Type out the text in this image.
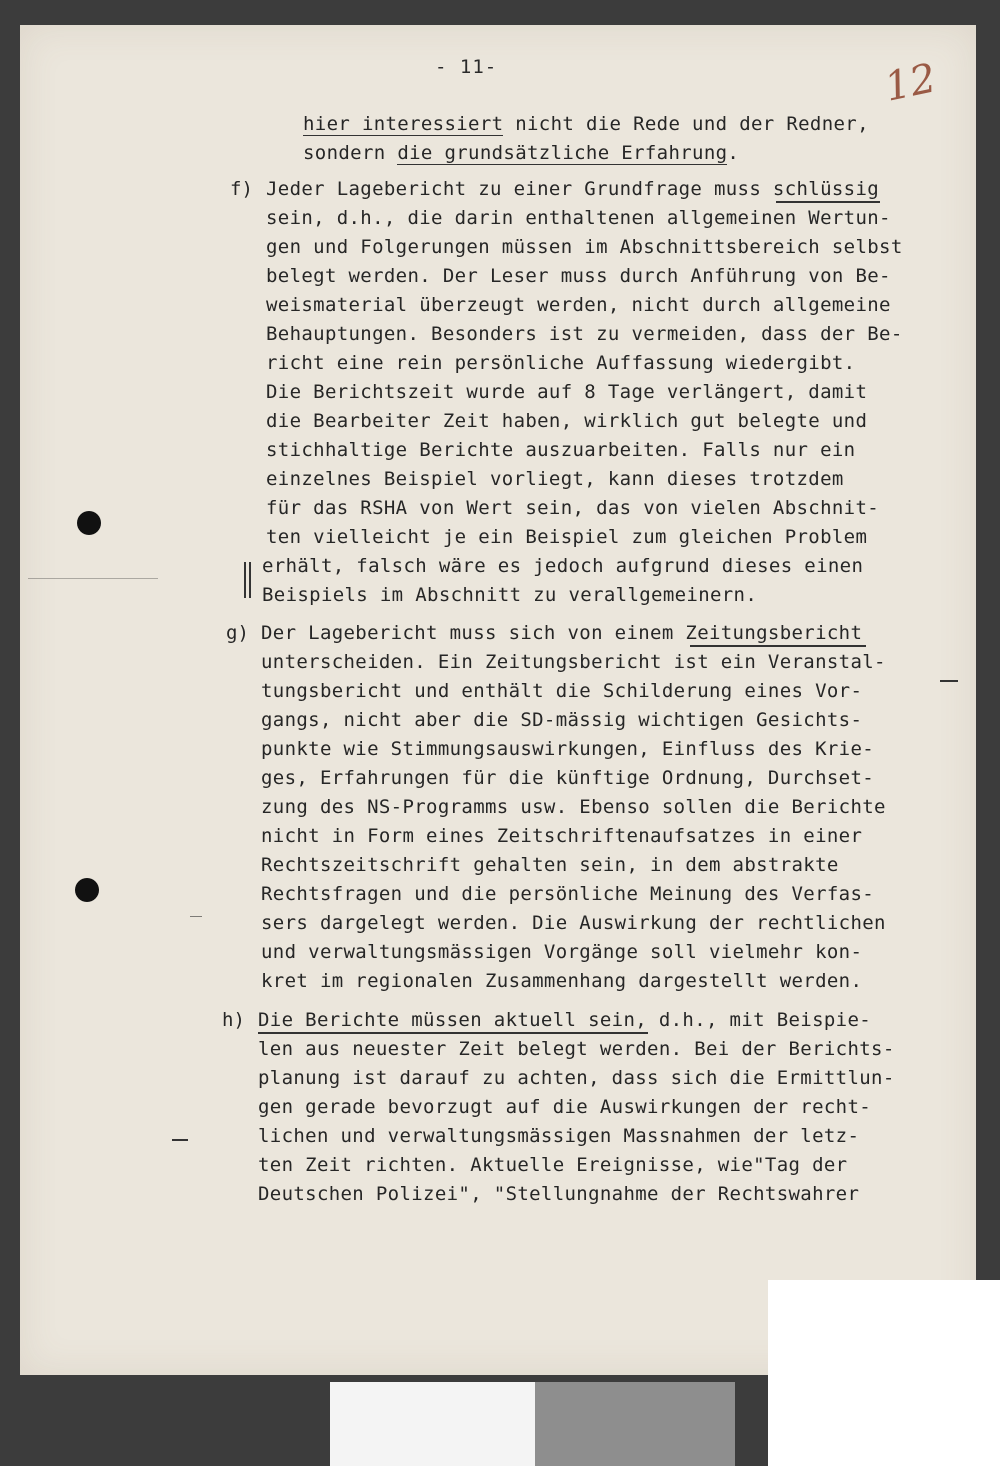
- 11-	12
hier interessiert nicht die Rede und der Redner,
sondern die grundsätzliche Erfahrung.
f) Jeder Lagebericht zu einer Grundfrage muss schlüssig
sein, d.h., die darin enthaltenen allgemeinen Wertun-
gen und Folgerungen müssen im Abschnittsbereich selbst
belegt werden. Der Leser muss durch Anführung von Be-
weismaterial überzeugt werden, nicht durch allgemeine
Behauptungen. Besonders ist zu vermeiden, dass der Be-
richt eine rein persönliche Auffassung wiedergibt.
Die Berichtszeit wurde auf 8 Tage verlängert, damit
die Bearbeiter Zeit haben, wirklich gut belegte und
stichhaltige Berichte auszuarbeiten. Falls nur ein
einzelnes Beispiel vorliegt, kann dieses trotzdem
für das RSHA von Wert sein, das von vielen Abschnit-
ten vielleicht je ein Beispiel zum gleichen Problem
erhält, falsch wäre es jedoch aufgrund dieses einen
Beispiels im Abschnitt zu verallgemeinern.
g) Der Lagebericht muss sich von einem Zeitungsbericht
unterscheiden. Ein Zeitungsbericht ist ein Veranstal-
tungsbericht und enthält die Schilderung eines Vor-
gangs, nicht aber die SD-mässig wichtigen Gesichts-
punkte wie Stimmungsauswirkungen, Einfluss des Krie-
ges, Erfahrungen für die künftige Ordnung, Durchset-
zung des NS-Programms usw. Ebenso sollen die Berichte
nicht in Form eines Zeitschriftenaufsatzes in einer
Rechtszeitschrift gehalten sein, in dem abstrakte
Rechtsfragen und die persönliche Meinung des Verfas-
sers dargelegt werden. Die Auswirkung der rechtlichen
und verwaltungsmässigen Vorgänge soll vielmehr kon-
kret im regionalen Zusammenhang dargestellt werden.
h) Die Berichte müssen aktuell sein, d.h., mit Beispie-
len aus neuester Zeit belegt werden. Bei der Berichts-
planung ist darauf zu achten, dass sich die Ermittlun-
gen gerade bevorzugt auf die Auswirkungen der recht-
lichen und verwaltungsmässigen Massnahmen der letz-
ten Zeit richten. Aktuelle Ereignisse, wie"Tag der
Deutschen Polizei", "Stellungnahme der Rechtswahrer
